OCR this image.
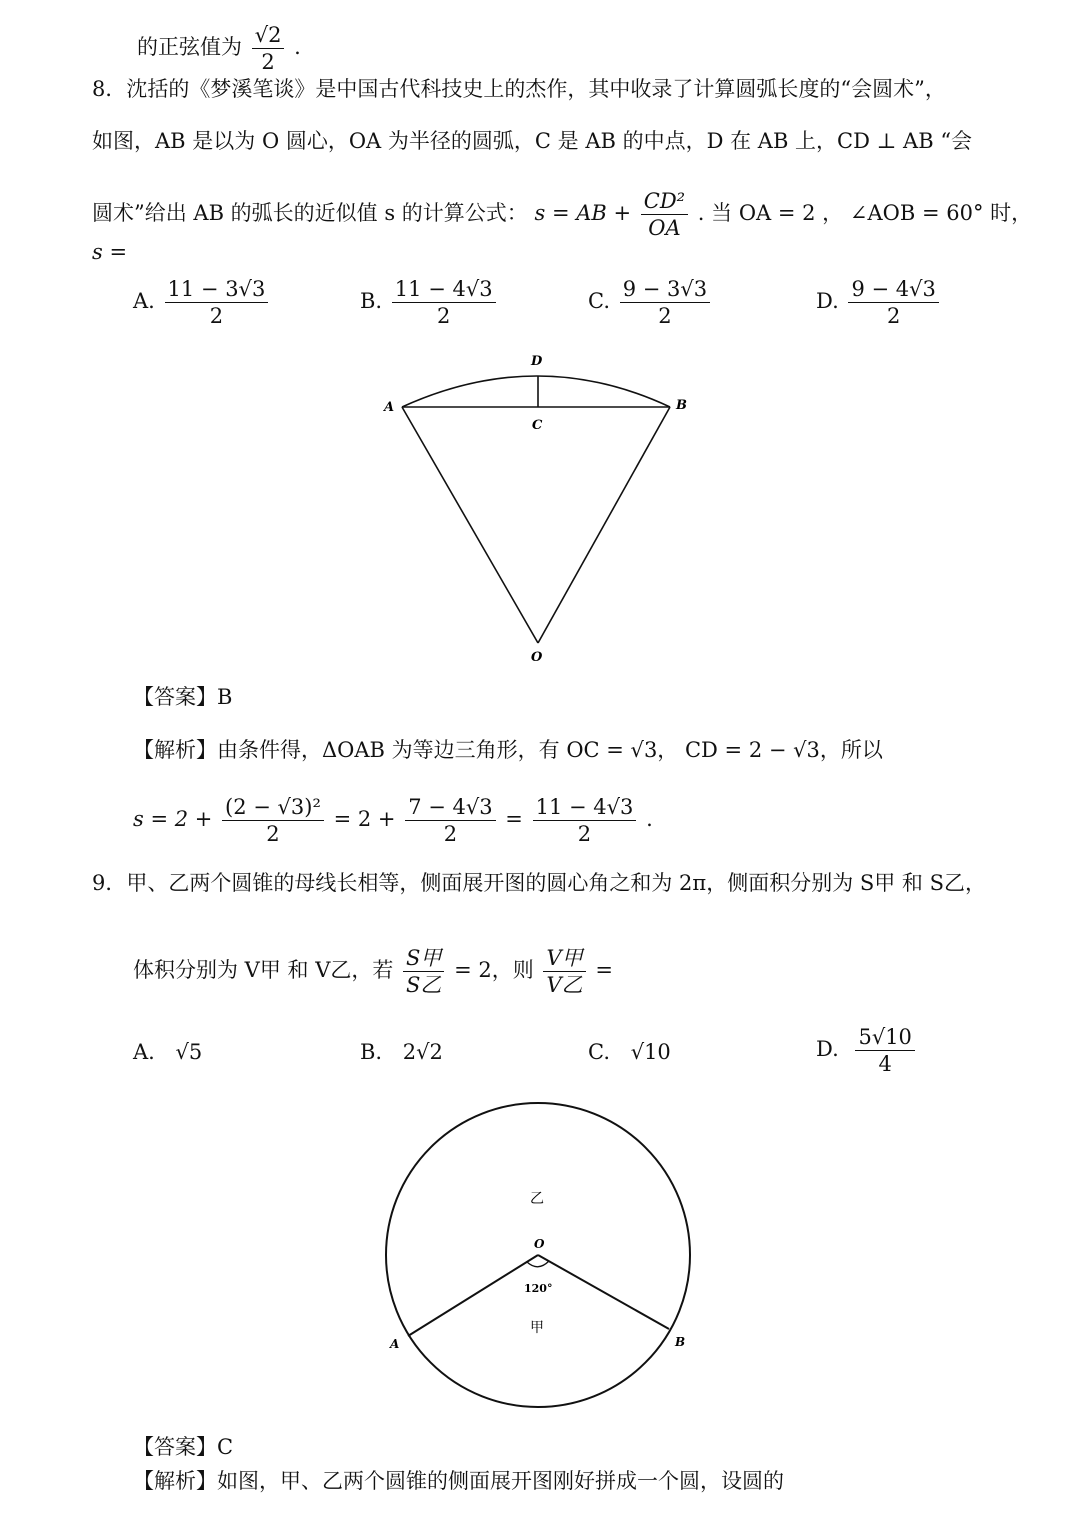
的正弦值为 $\frac{√2}{2}$ .
8．沈括的《梦溪笔谈》是中国古代科技史上的杰作，其中收录了计算圆弧长度的“会圆术”，
如图，AB 是以为 O 圆心，OA 为半径的圆弧，C 是 AB 的中点，D 在 AB 上，CD ⊥ AB “会
圆术”给出 AB 的弧长的近似值 s 的计算公式： s = AB + $\frac{\text{CD²}}{OA}$ . 当 OA = 2 ， ∠AOB = 60° 时，
s =
A. $\frac{11 - 3√3}{2}$	B. $\frac{11 - 4√3}{2}$	C. $\frac{9 - 3√3}{2}$	D. $\frac{9 - 4√3}{2}$
D
A	B
C
O
【答案】B
【解析】由条件得，ΔOAB 为等边三角形，有 OC = √3， CD = 2 − √3，所以
$s = 2 + \frac{\text{(2 − √3)²}}{2} = 2 + \frac{7 - 4√3}{2} = \frac{11 - 4√3}{2}$ .
9．甲、乙两个圆锥的母线长相等，侧面展开图的圆心角之和为 2π，侧面积分别为 S甲 和 S乙，
体积分别为 V甲 和 V乙，若 $\frac{\text{S甲}}{\text{S乙}} = 2$，则 $\frac{\text{V甲}}{\text{V乙}}$ =
A. √5	B. 2√2	C. √10	D. $\frac{5√10}{4}$
乙
O
120°
甲
A	B
【答案】C
【解析】如图，甲、乙两个圆锥的侧面展开图刚好拼成一个圆，设圆的
